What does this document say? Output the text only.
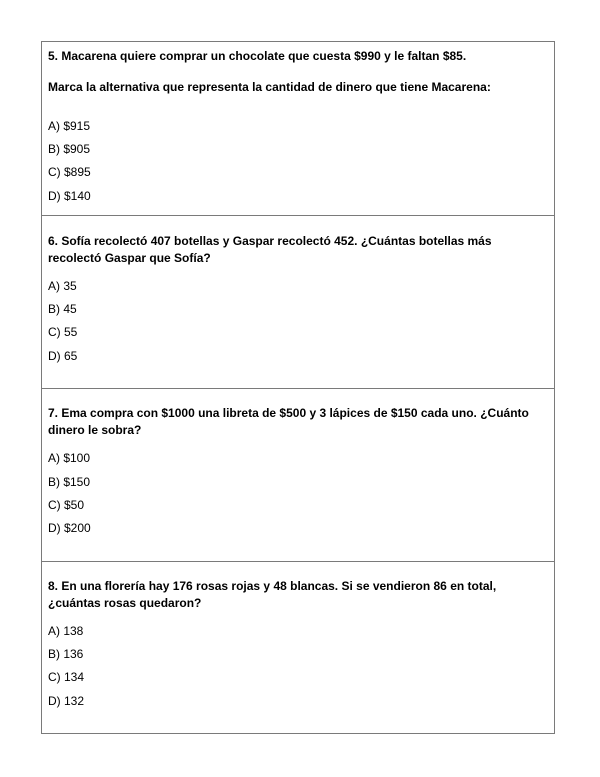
5. Macarena quiere comprar un chocolate que cuesta $990 y le faltan $85.

Marca la alternativa que representa la cantidad de dinero que tiene Macarena:

A) $915

B) $905

C) $895

D) $140

6. Sofía recolectó 407 botellas y Gaspar recolectó 452. ¿Cuántas botellas más recolectó Gaspar que Sofía?

A) 35

B) 45

C) 55

D) 65

7. Ema compra con $1000 una libreta de $500 y 3 lápices de $150 cada uno. ¿Cuánto dinero le sobra?

A) $100

B) $150

C) $50

D) $200

8. En una florería hay 176 rosas rojas y 48 blancas. Si se vendieron 86 en total, ¿cuántas rosas quedaron?

A) 138

B) 136

C) 134

D) 132
